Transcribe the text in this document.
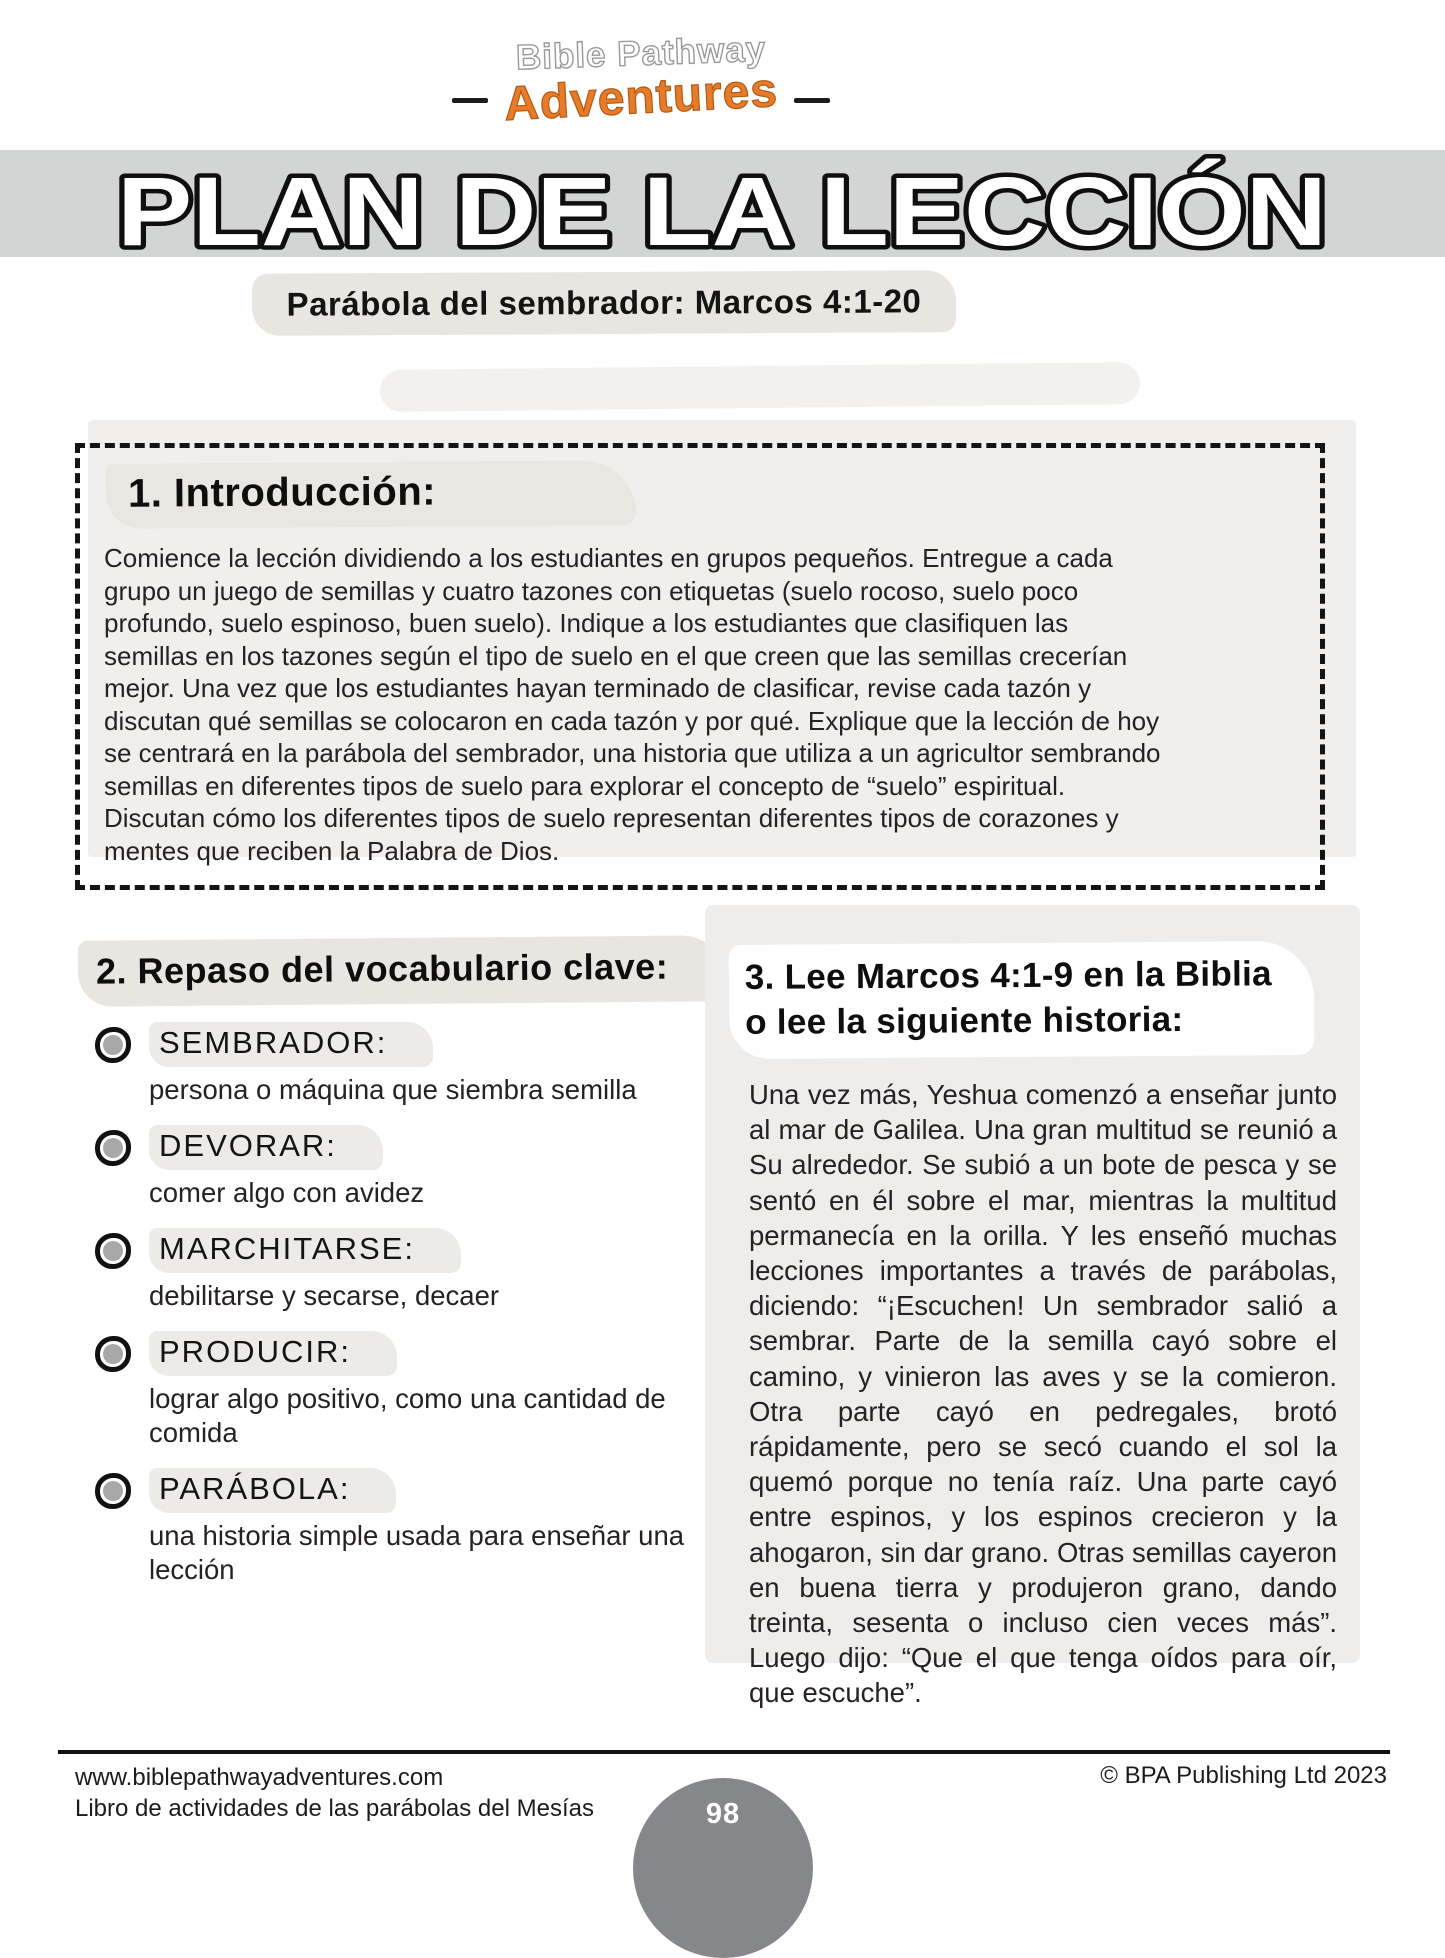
Bible Pathway
Adventures
PLAN DE LA LECCIÓN
Parábola del sembrador: Marcos 4:1-20
1. Introducción:
Comience la lección dividiendo a los estudiantes en grupos pequeños. Entregue a cada grupo un juego de semillas y cuatro tazones con etiquetas (suelo rocoso, suelo poco profundo, suelo espinoso, buen suelo). Indique a los estudiantes que clasifiquen las semillas en los tazones según el tipo de suelo en el que creen que las semillas crecerían mejor. Una vez que los estudiantes hayan terminado de clasificar, revise cada tazón y discutan qué semillas se colocaron en cada tazón y por qué. Explique que la lección de hoy se centrará en la parábola del sembrador, una historia que utiliza a un agricultor sembrando semillas en diferentes tipos de suelo para explorar el concepto de “suelo” espiritual. Discutan cómo los diferentes tipos de suelo representan diferentes tipos de corazones y mentes que reciben la Palabra de Dios.
2. Repaso del vocabulario clave:
SEMBRADOR:
persona o máquina que siembra semilla
DEVORAR:
comer algo con avidez
MARCHITARSE:
debilitarse y secarse, decaer
PRODUCIR:
lograr algo positivo, como una cantidad de comida
PARÁBOLA:
una historia simple usada para enseñar una lección
3. Lee Marcos 4:1-9 en la Biblia
o lee la siguiente historia:
Una vez más, Yeshua comenzó a enseñar junto al mar de Galilea. Una gran multitud se reunió a Su alrededor. Se subió a un bote de pesca y se sentó en él sobre el mar, mientras la multitud permanecía en la orilla. Y les enseñó muchas lecciones importantes a través de parábolas, diciendo: “¡Escuchen! Un sembrador salió a sembrar. Parte de la semilla cayó sobre el camino, y vinieron las aves y se la comieron. Otra parte cayó en pedregales, brotó rápidamente, pero se secó cuando el sol la quemó porque no tenía raíz. Una parte cayó entre espinos, y los espinos crecieron y la ahogaron, sin dar grano. Otras semillas cayeron en buena tierra y produjeron grano, dando treinta, sesenta o incluso cien veces más”. Luego dijo: “Que el que tenga oídos para oír, que escuche”.
www.biblepathwayadventures.com
Libro de actividades de las parábolas del Mesías
© BPA Publishing Ltd 2023
98
